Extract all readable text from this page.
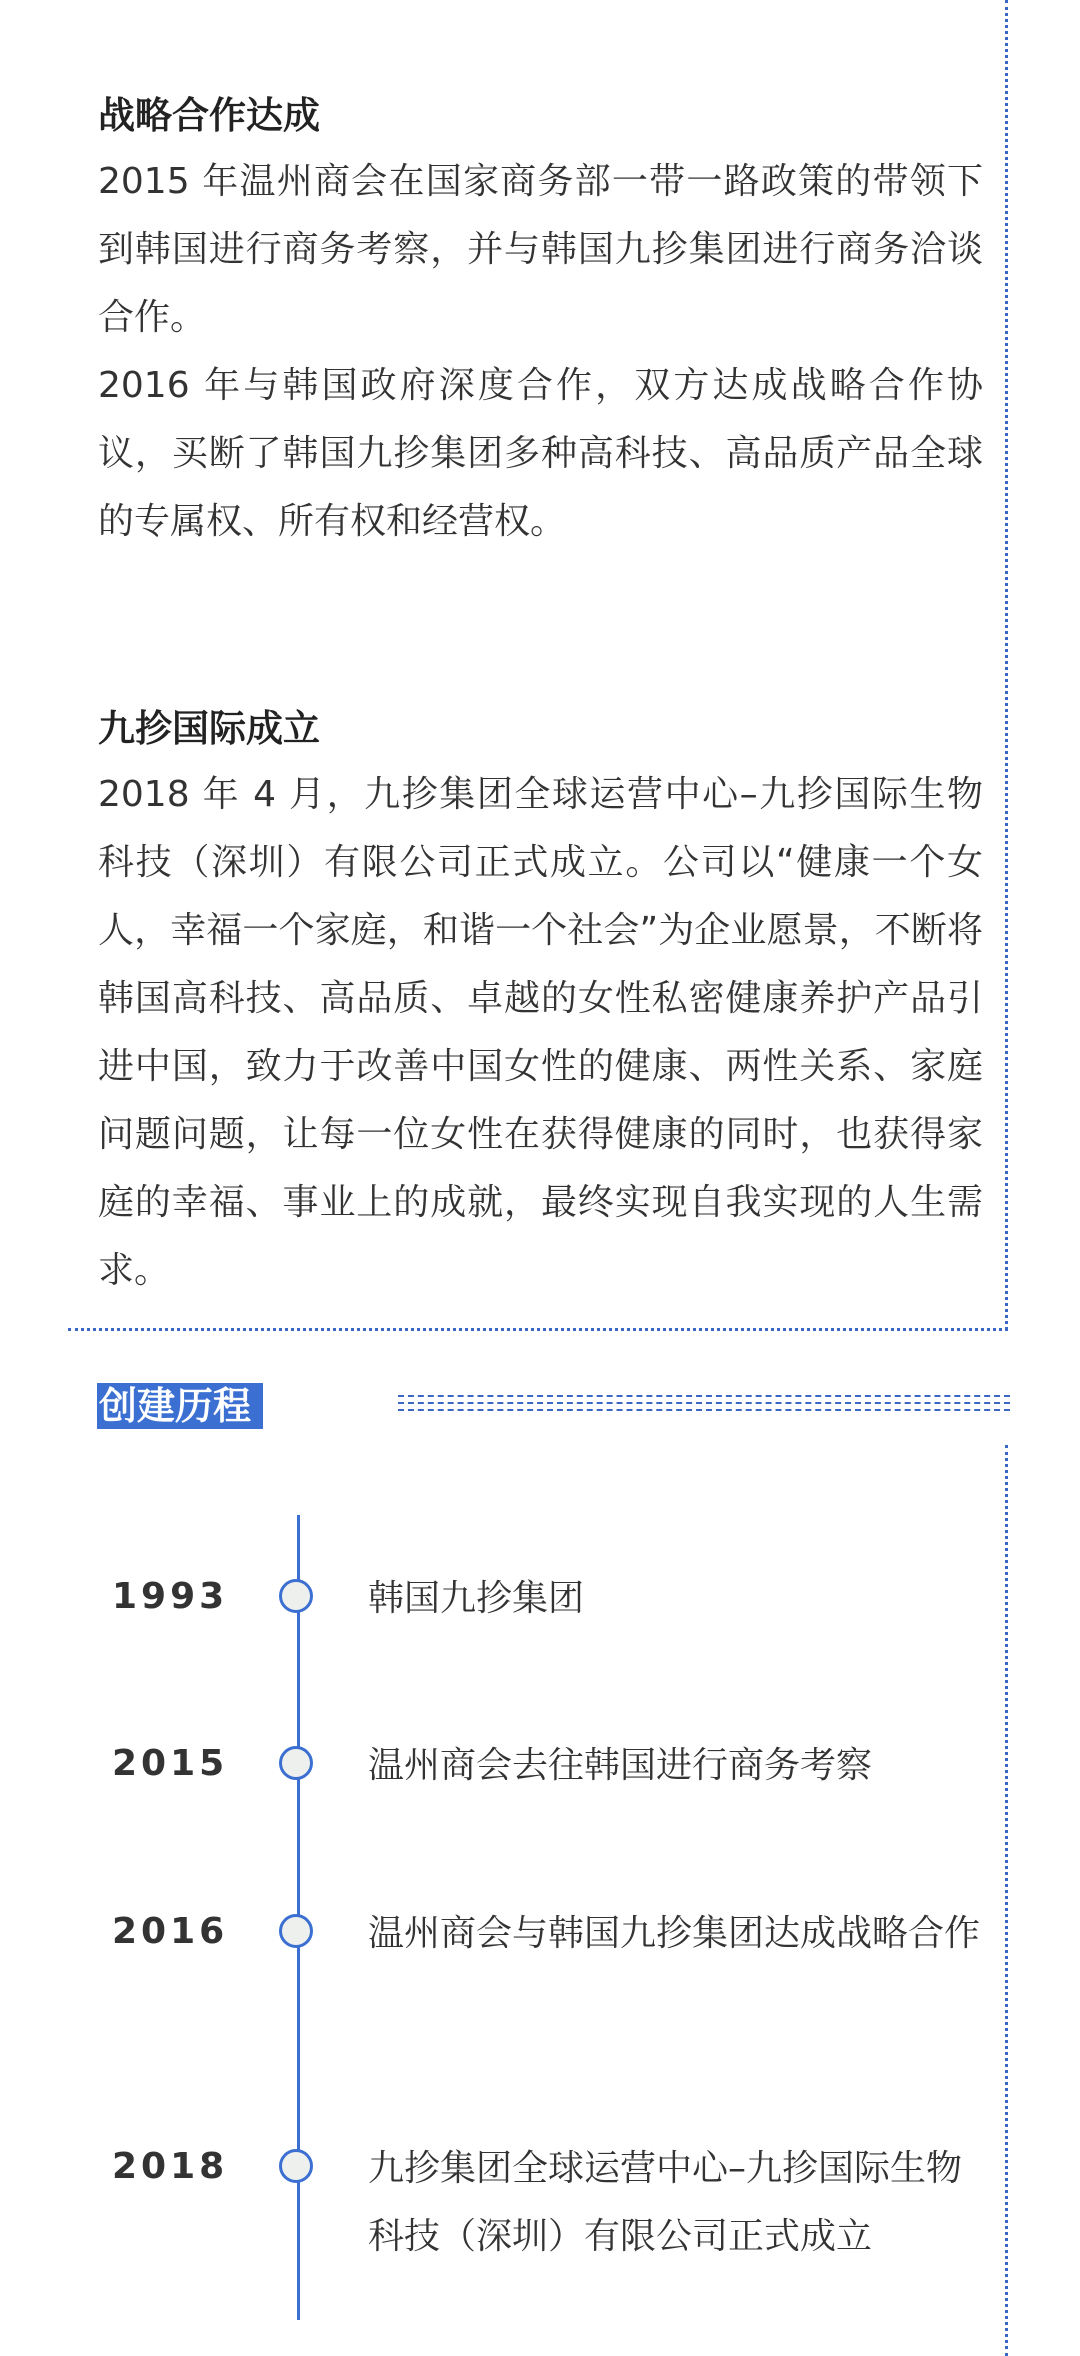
战略合作达成

2015 年温州商会在国家商务部一带一路政策的带领下到韩国进行商务考察，并与韩国九抮集团进行商务洽谈合作。

2016 年与韩国政府深度合作，双方达成战略合作协议，买断了韩国九抮集团多种高科技、高品质产品全球的专属权、所有权和经营权。

九抮国际成立

2018 年 4 月，九抮集团全球运营中心–九抮国际生物科技（深圳）有限公司正式成立。公司以“健康一个女人，幸福一个家庭，和谐一个社会”为企业愿景，不断将韩国高科技、高品质、卓越的女性私密健康养护产品引进中国，致力于改善中国女性的健康、两性关系、家庭问题问题，让每一位女性在获得健康的同时，也获得家庭的幸福、事业上的成就，最终实现自我实现的人生需求。

创建历程
1993	韩国九抮集团
2015	温州商会去往韩国进行商务考察
2016	温州商会与韩国九抮集团达成战略合作
2018	九抮集团全球运营中心–九抮国际生物科技（深圳）有限公司正式成立
